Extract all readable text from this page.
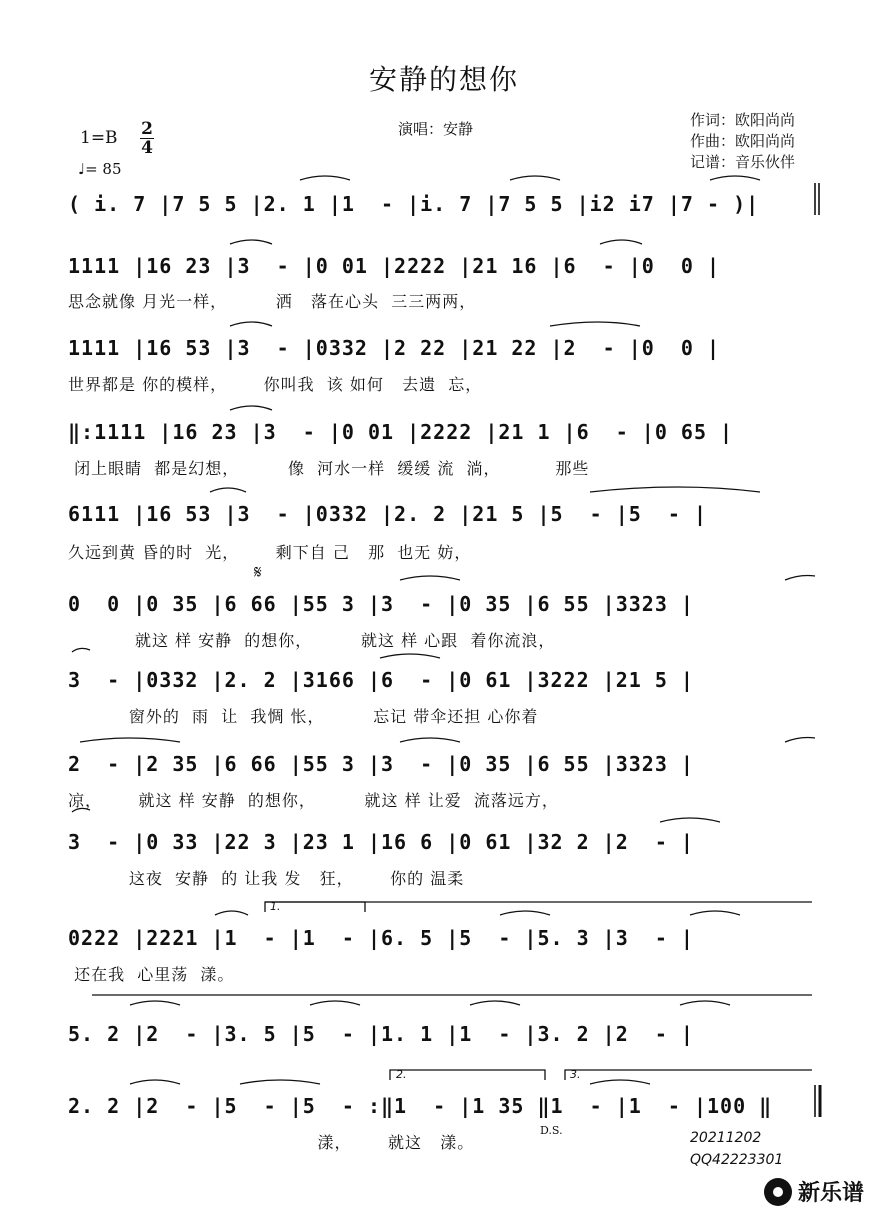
安静的想你
演唱：安静	作词：欧阳尚尚
作曲：欧阳尚尚
记谱：音乐伙伴
1=B 2
4
♩= 85
( i. 7 |7 5 5 |2. 1 |1  - |i. 7 |7 5 5 |i2 i7 |7 - )|
1111 |16 23 |3  - |0 01 |2222 |21 16 |6  - |0  0 |
思念就像 月光一样，        洒   落在心头  三三两两，
1111 |16 53 |3  - |0332 |2 22 |21 22 |2  - |0  0 |
世界都是 你的模样，      你叫我  该 如何   去遗  忘，
‖:1111 |16 23 |3  - |0 01 |2222 |21 1 |6  - |0 65 |
闭上眼睛  都是幻想，        像  河水一样  缓缓 流  淌，         那些
6111 |16 53 |3  - |0332 |2. 2 |21 5 |5  - |5  - |
久远到黄 昏的时  光，      剩下自 己   那  也无 妨，
𝄋
0  0 |0 35 |6 66 |55 3 |3  - |0 35 |6 55 |3323 |
就这 样 安静  的想你，        就这 样 心跟  着你流浪，
3  - |0332 |2. 2 |3166 |6  - |0 61 |3222 |21 5 |
窗外的  雨  让  我惆 怅，        忘记 带伞还担 心你着
2  - |2 35 |6 66 |55 3 |3  - |0 35 |6 55 |3323 |
凉，      就这 样 安静  的想你，        就这 样 让爱  流落远方，
3  - |0 33 |22 3 |23 1 |16 6 |0 61 |32 2 |2  - |
这夜  安静  的 让我 发   狂，      你的 温柔
1.
0222 |2221 |1  - |1  - |6. 5 |5  - |5. 3 |3  - |
还在我  心里荡  漾。
5. 2 |2  - |3. 5 |5  - |1. 1 |1  - |3. 2 |2  - |
2.	3.
2. 2 |2  - |5  - |5  - :‖1  - |1 35 ‖1  - |1  - |100 ‖
漾，      就这   漾。
D.S.	20211202
QQ42223301
新乐谱
